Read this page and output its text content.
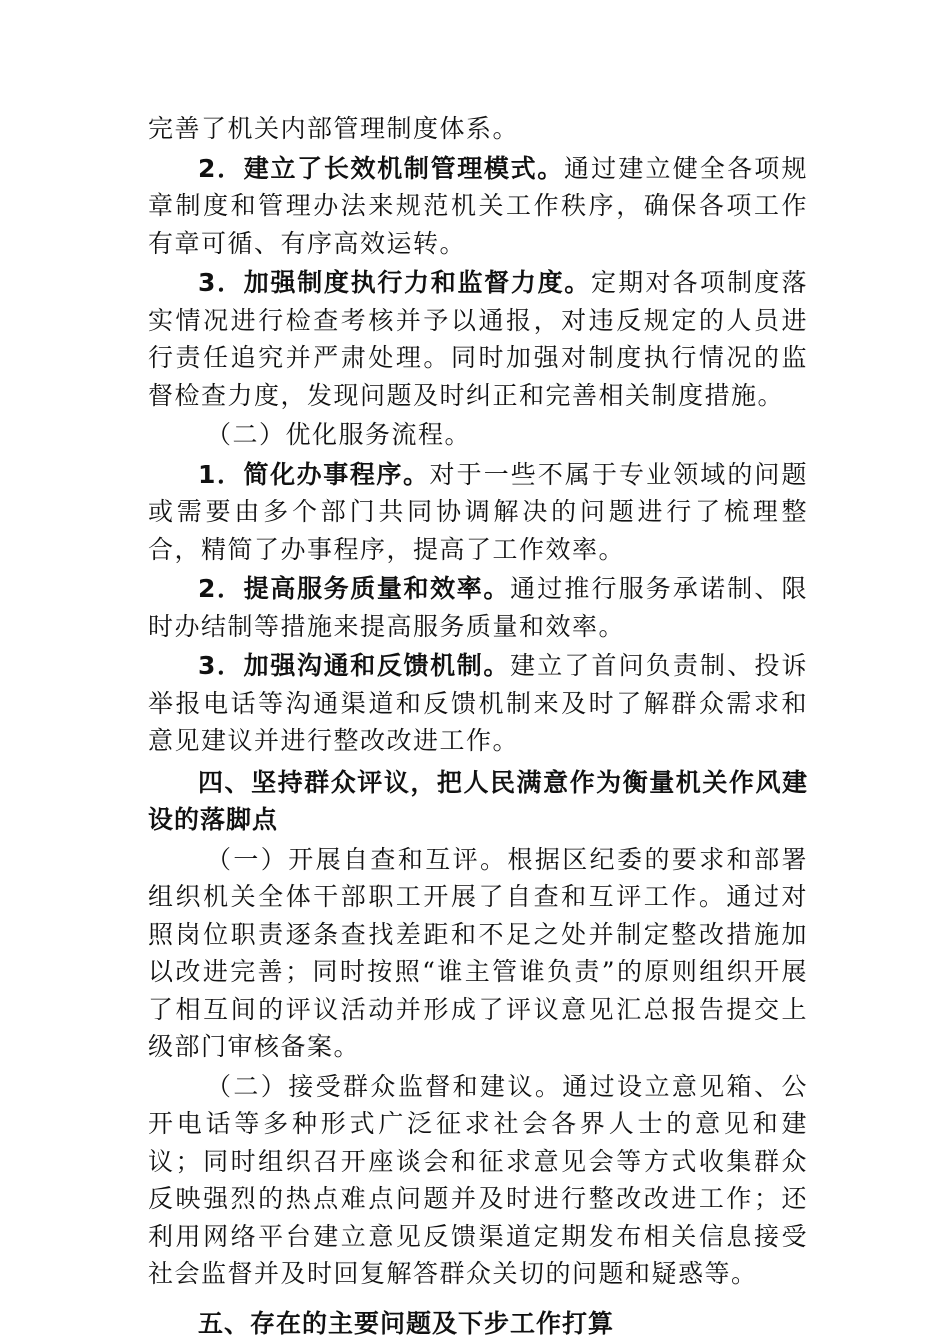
完善了机关内部管理制度体系。

2．建立了长效机制管理模式。通过建立健全各项规章制度和管理办法来规范机关工作秩序，确保各项工作有章可循、有序高效运转。

3．加强制度执行力和监督力度。定期对各项制度落实情况进行检查考核并予以通报，对违反规定的人员进行责任追究并严肃处理。同时加强对制度执行情况的监督检查力度，发现问题及时纠正和完善相关制度措施。

（二）优化服务流程。

1．简化办事程序。对于一些不属于专业领域的问题或需要由多个部门共同协调解决的问题进行了梳理整合，精简了办事程序，提高了工作效率。

2．提高服务质量和效率。通过推行服务承诺制、限时办结制等措施来提高服务质量和效率。

3．加强沟通和反馈机制。建立了首问负责制、投诉举报电话等沟通渠道和反馈机制来及时了解群众需求和意见建议并进行整改改进工作。

四、坚持群众评议，把人民满意作为衡量机关作风建设的落脚点

（一）开展自查和互评。根据区纪委的要求和部署组织机关全体干部职工开展了自查和互评工作。通过对照岗位职责逐条查找差距和不足之处并制定整改措施加以改进完善；同时按照“谁主管谁负责”的原则组织开展了相互间的评议活动并形成了评议意见汇总报告提交上级部门审核备案。

（二）接受群众监督和建议。通过设立意见箱、公开电话等多种形式广泛征求社会各界人士的意见和建议；同时组织召开座谈会和征求意见会等方式收集群众反映强烈的热点难点问题并及时进行整改改进工作；还利用网络平台建立意见反馈渠道定期发布相关信息接受社会监督并及时回复解答群众关切的问题和疑惑等。

五、存在的主要问题及下步工作打算
